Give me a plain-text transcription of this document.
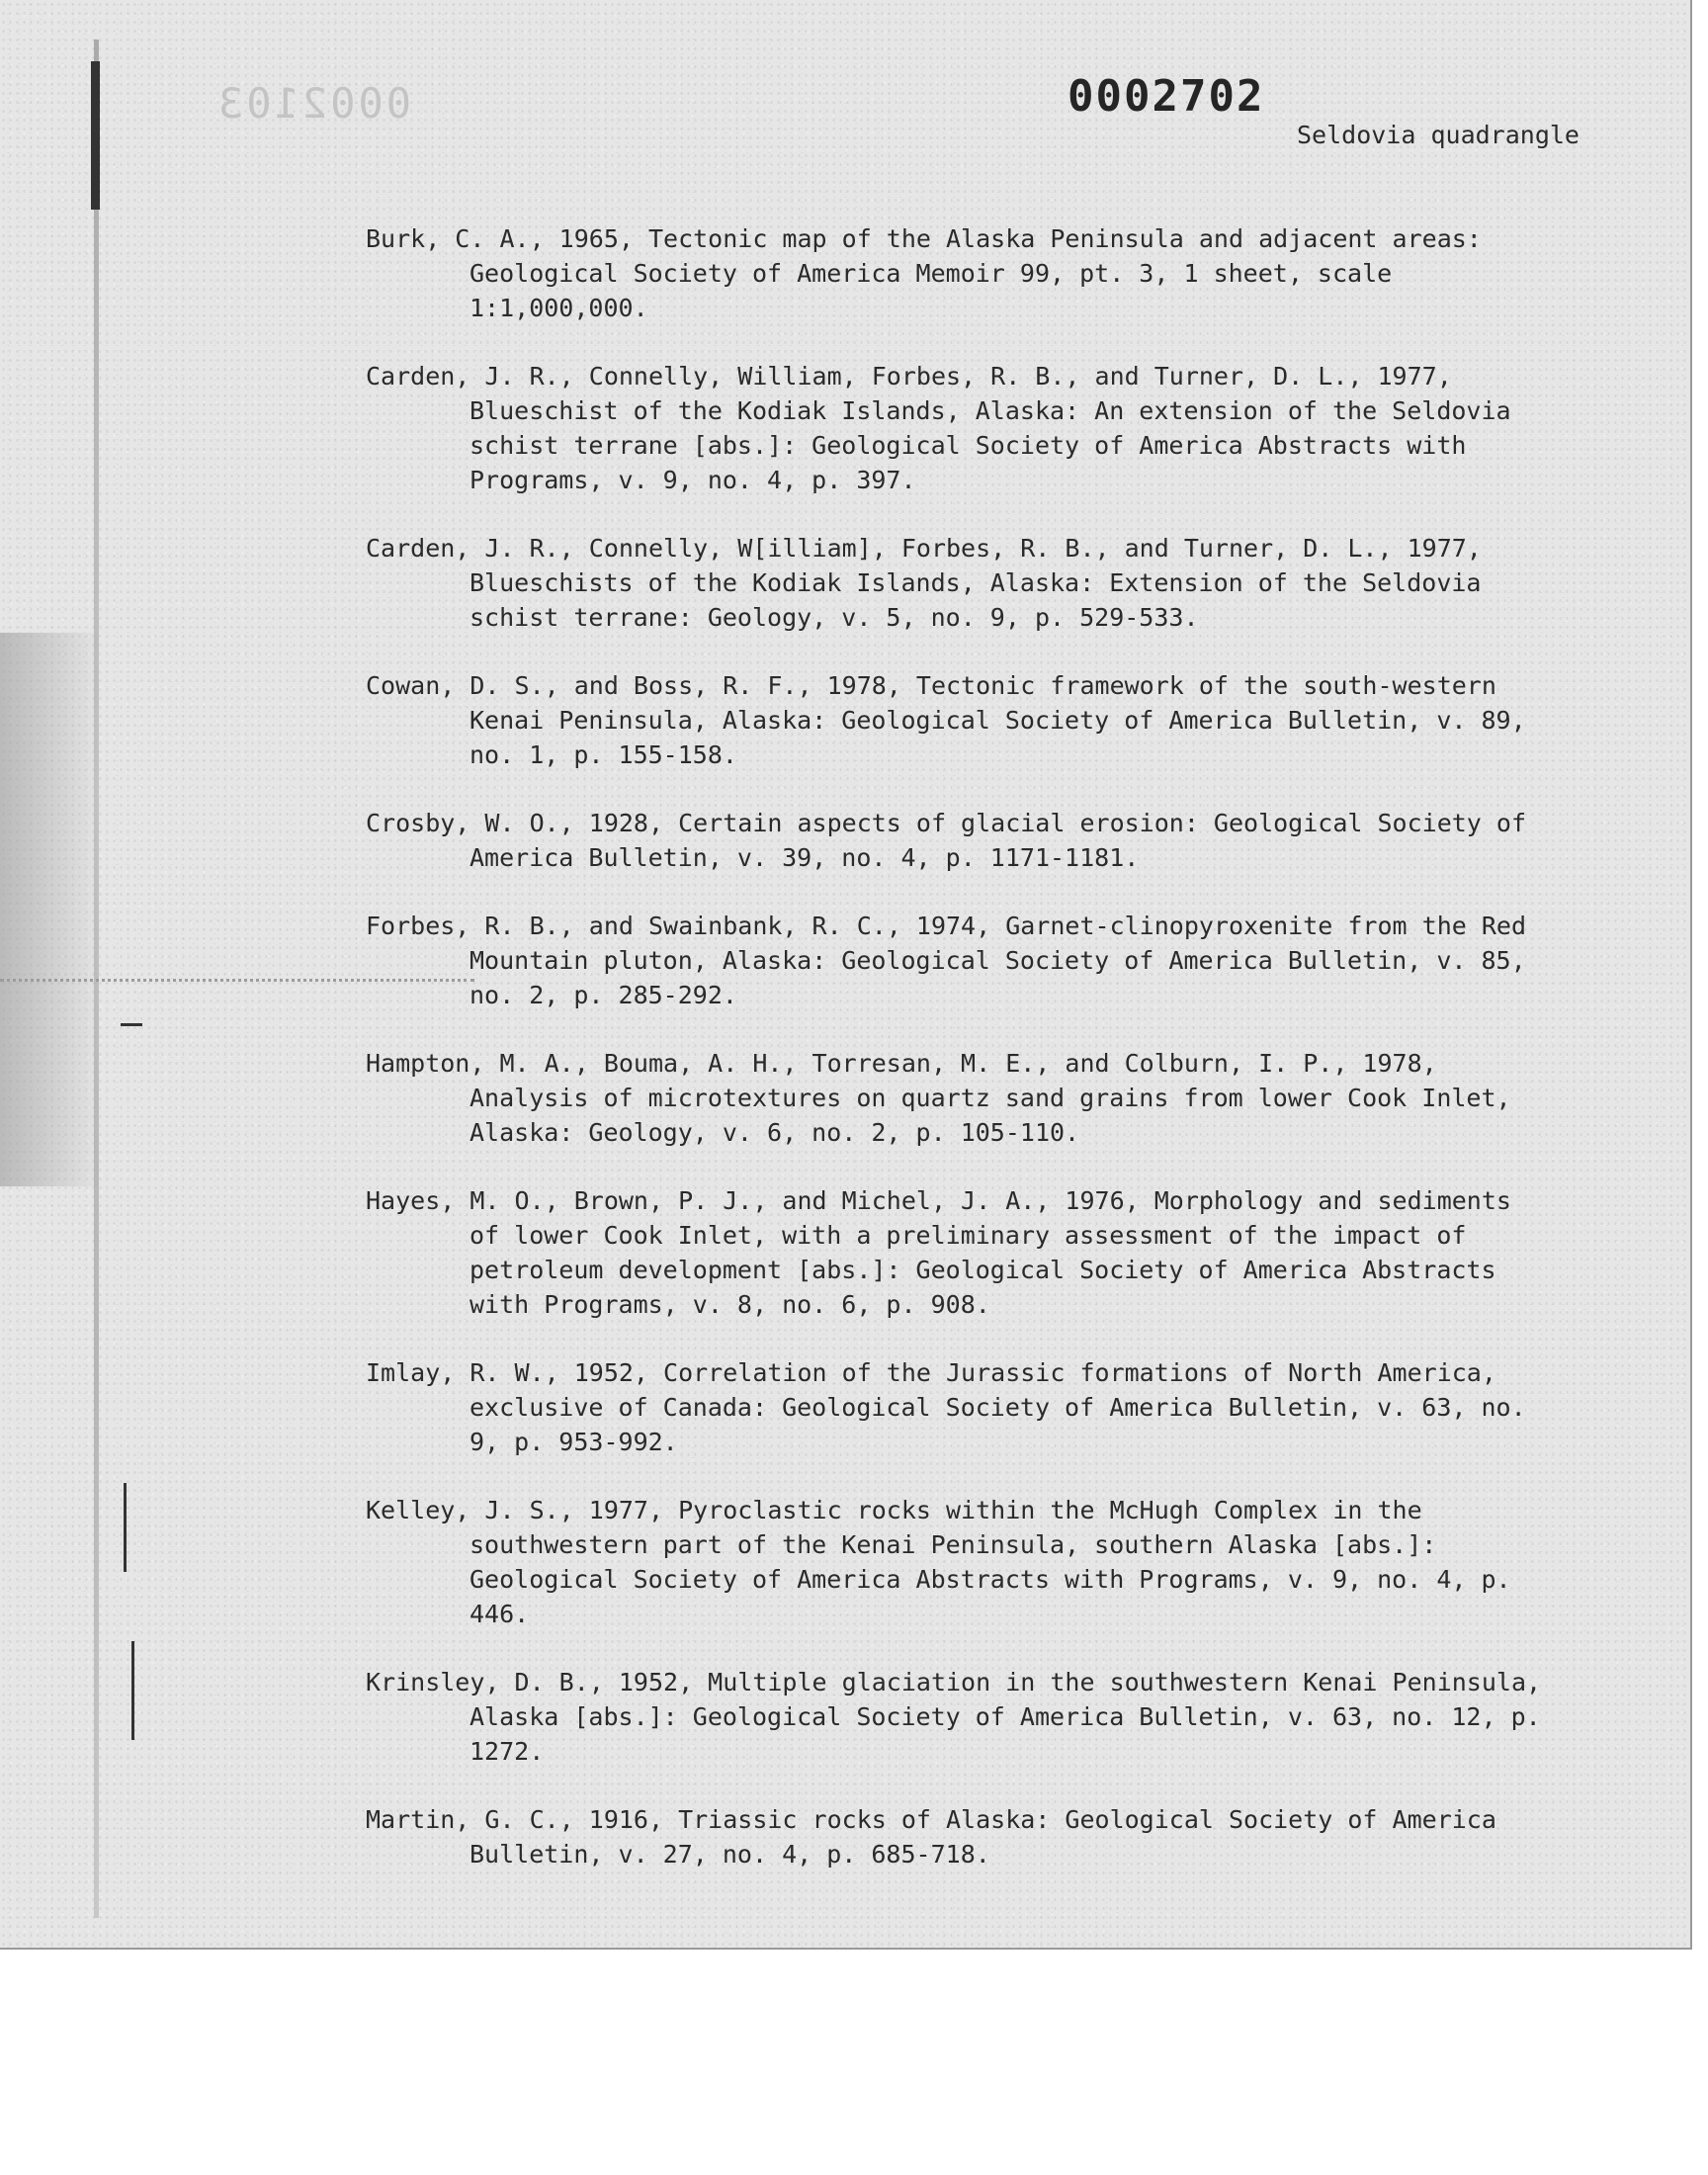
0002103	0002702
Seldovia quadrangle
Burk, C. A., 1965, Tectonic map of the Alaska Peninsula and adjacent areas: Geological Society of America Memoir 99, pt. 3, 1 sheet, scale 1:1,000,000.
Carden, J. R., Connelly, William, Forbes, R. B., and Turner, D. L., 1977, Blueschist of the Kodiak Islands, Alaska: An extension of the Seldovia schist terrane [abs.]: Geological Society of America Abstracts with Programs, v. 9, no. 4, p. 397.
Carden, J. R., Connelly, W[illiam], Forbes, R. B., and Turner, D. L., 1977, Blueschists of the Kodiak Islands, Alaska: Extension of the Seldovia schist terrane: Geology, v. 5, no. 9, p. 529-533.
Cowan, D. S., and Boss, R. F., 1978, Tectonic framework of the south-western Kenai Peninsula, Alaska: Geological Society of America Bulletin, v. 89, no. 1, p. 155-158.
Crosby, W. O., 1928, Certain aspects of glacial erosion: Geological Society of America Bulletin, v. 39, no. 4, p. 1171-1181.
Forbes, R. B., and Swainbank, R. C., 1974, Garnet-clinopyroxenite from the Red Mountain pluton, Alaska: Geological Society of America Bulletin, v. 85, no. 2, p. 285-292.
Hampton, M. A., Bouma, A. H., Torresan, M. E., and Colburn, I. P., 1978, Analysis of microtextures on quartz sand grains from lower Cook Inlet, Alaska: Geology, v. 6, no. 2, p. 105-110.
Hayes, M. O., Brown, P. J., and Michel, J. A., 1976, Morphology and sediments of lower Cook Inlet, with a preliminary assessment of the impact of petroleum development [abs.]: Geological Society of America Abstracts with Programs, v. 8, no. 6, p. 908.
Imlay, R. W., 1952, Correlation of the Jurassic formations of North America, exclusive of Canada: Geological Society of America Bulletin, v. 63, no. 9, p. 953-992.
Kelley, J. S., 1977, Pyroclastic rocks within the McHugh Complex in the southwestern part of the Kenai Peninsula, southern Alaska [abs.]: Geological Society of America Abstracts with Programs, v. 9, no. 4, p. 446.
Krinsley, D. B., 1952, Multiple glaciation in the southwestern Kenai Peninsula, Alaska [abs.]: Geological Society of America Bulletin, v. 63, no. 12, p. 1272.
Martin, G. C., 1916, Triassic rocks of Alaska: Geological Society of America Bulletin, v. 27, no. 4, p. 685-718.
